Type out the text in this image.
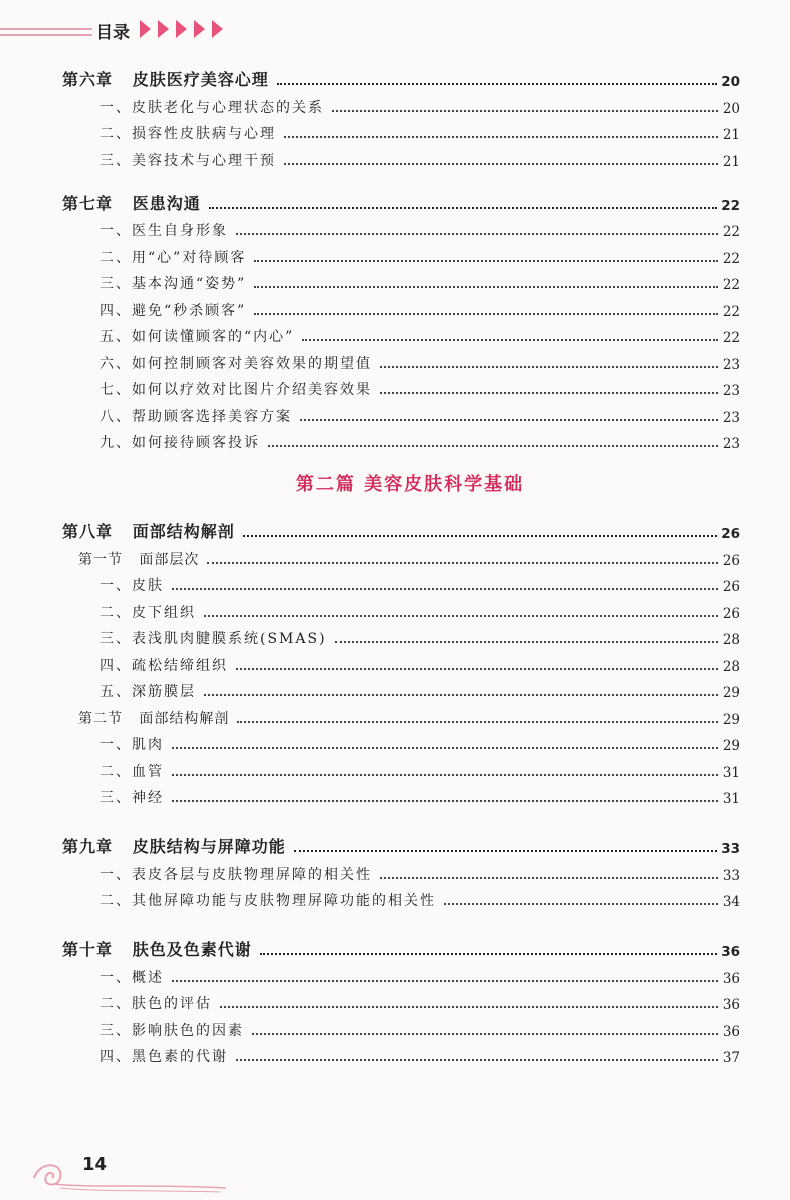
目录
第六章   皮肤医疗美容心理	20
一、皮肤老化与心理状态的关系	20
二、损容性皮肤病与心理	21
三、美容技术与心理干预	21
第七章   医患沟通	22
一、医生自身形象	22
二、用“心”对待顾客	22
三、基本沟通“姿势”	22
四、避免“秒杀顾客”	22
五、如何读懂顾客的“内心”	22
六、如何控制顾客对美容效果的期望值	23
七、如何以疗效对比图片介绍美容效果	23
八、帮助顾客选择美容方案	23
九、如何接待顾客投诉	23
第二篇 美容皮肤科学基础
第八章   面部结构解剖	26
第一节   面部层次	26
一、皮肤	26
二、皮下组织	26
三、表浅肌肉腱膜系统(SMAS)	28
四、疏松结缔组织	28
五、深筋膜层	29
第二节   面部结构解剖	29
一、肌肉	29
二、血管	31
三、神经	31
第九章   皮肤结构与屏障功能	33
一、表皮各层与皮肤物理屏障的相关性	33
二、其他屏障功能与皮肤物理屏障功能的相关性	34
第十章   肤色及色素代谢	36
一、概述	36
二、肤色的评估	36
三、影响肤色的因素	36
四、黑色素的代谢	37
14
